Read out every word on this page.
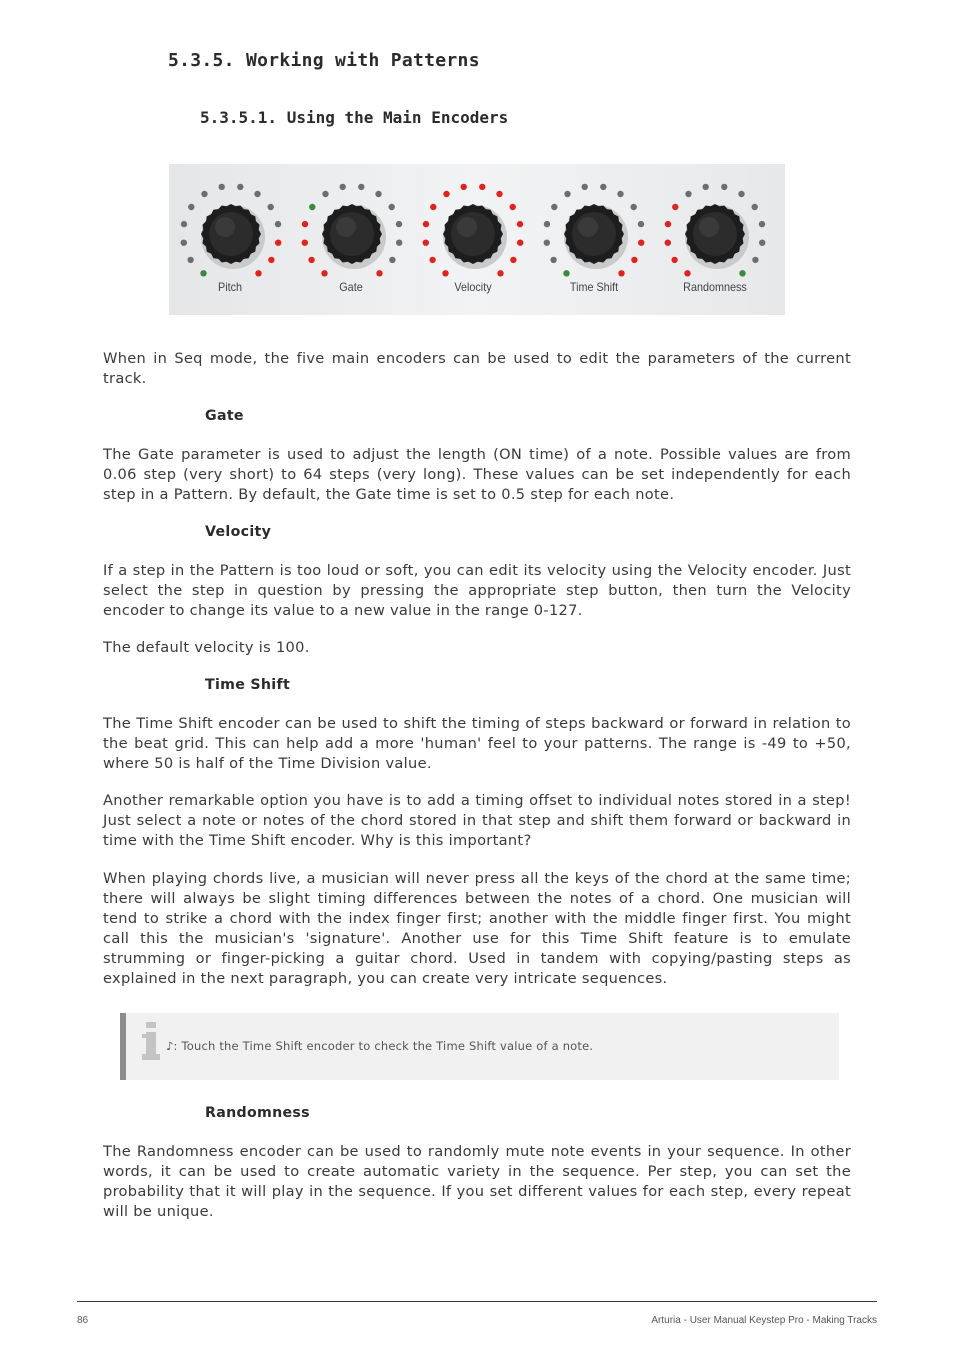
5.3.5. Working with Patterns
5.3.5.1. Using the Main Encoders
Pitch	Gate	Velocity	Time Shift	Randomness

When in Seq mode, the five main encoders can be used to edit the parameters of the current track.

Gate

The Gate parameter is used to adjust the length (ON time) of a note. Possible values are from 0.06 step (very short) to 64 steps (very long). These values can be set independently for each step in a Pattern. By default, the Gate time is set to 0.5 step for each note.

Velocity

If a step in the Pattern is too loud or soft, you can edit its velocity using the Velocity encoder. Just select the step in question by pressing the appropriate step button, then turn the Velocity encoder to change its value to a new value in the range 0-127.

The default velocity is 100.

Time Shift

The Time Shift encoder can be used to shift the timing of steps backward or forward in relation to the beat grid. This can help add a more 'human' feel to your patterns. The range is -49 to +50, where 50 is half of the Time Division value.

Another remarkable option you have is to add a timing offset to individual notes stored in a step! Just select a note or notes of the chord stored in that step and shift them forward or backward in time with the Time Shift encoder. Why is this important?

When playing chords live, a musician will never press all the keys of the chord at the same time; there will always be slight timing differences between the notes of a chord. One musician will tend to strike a chord with the index finger first; another with the middle finger first. You might call this the musician's 'signature'. Another use for this Time Shift feature is to emulate strumming or finger-picking a guitar chord. Used in tandem with copying/pasting steps as explained in the next paragraph, you can create very intricate sequences.

♪: Touch the Time Shift encoder to check the Time Shift value of a note.
Randomness

The Randomness encoder can be used to randomly mute note events in your sequence. In other words, it can be used to create automatic variety in the sequence. Per step, you can set the probability that it will play in the sequence. If you set different values for each step, every repeat will be unique.

86	Arturia - User Manual Keystep Pro - Making Tracks
